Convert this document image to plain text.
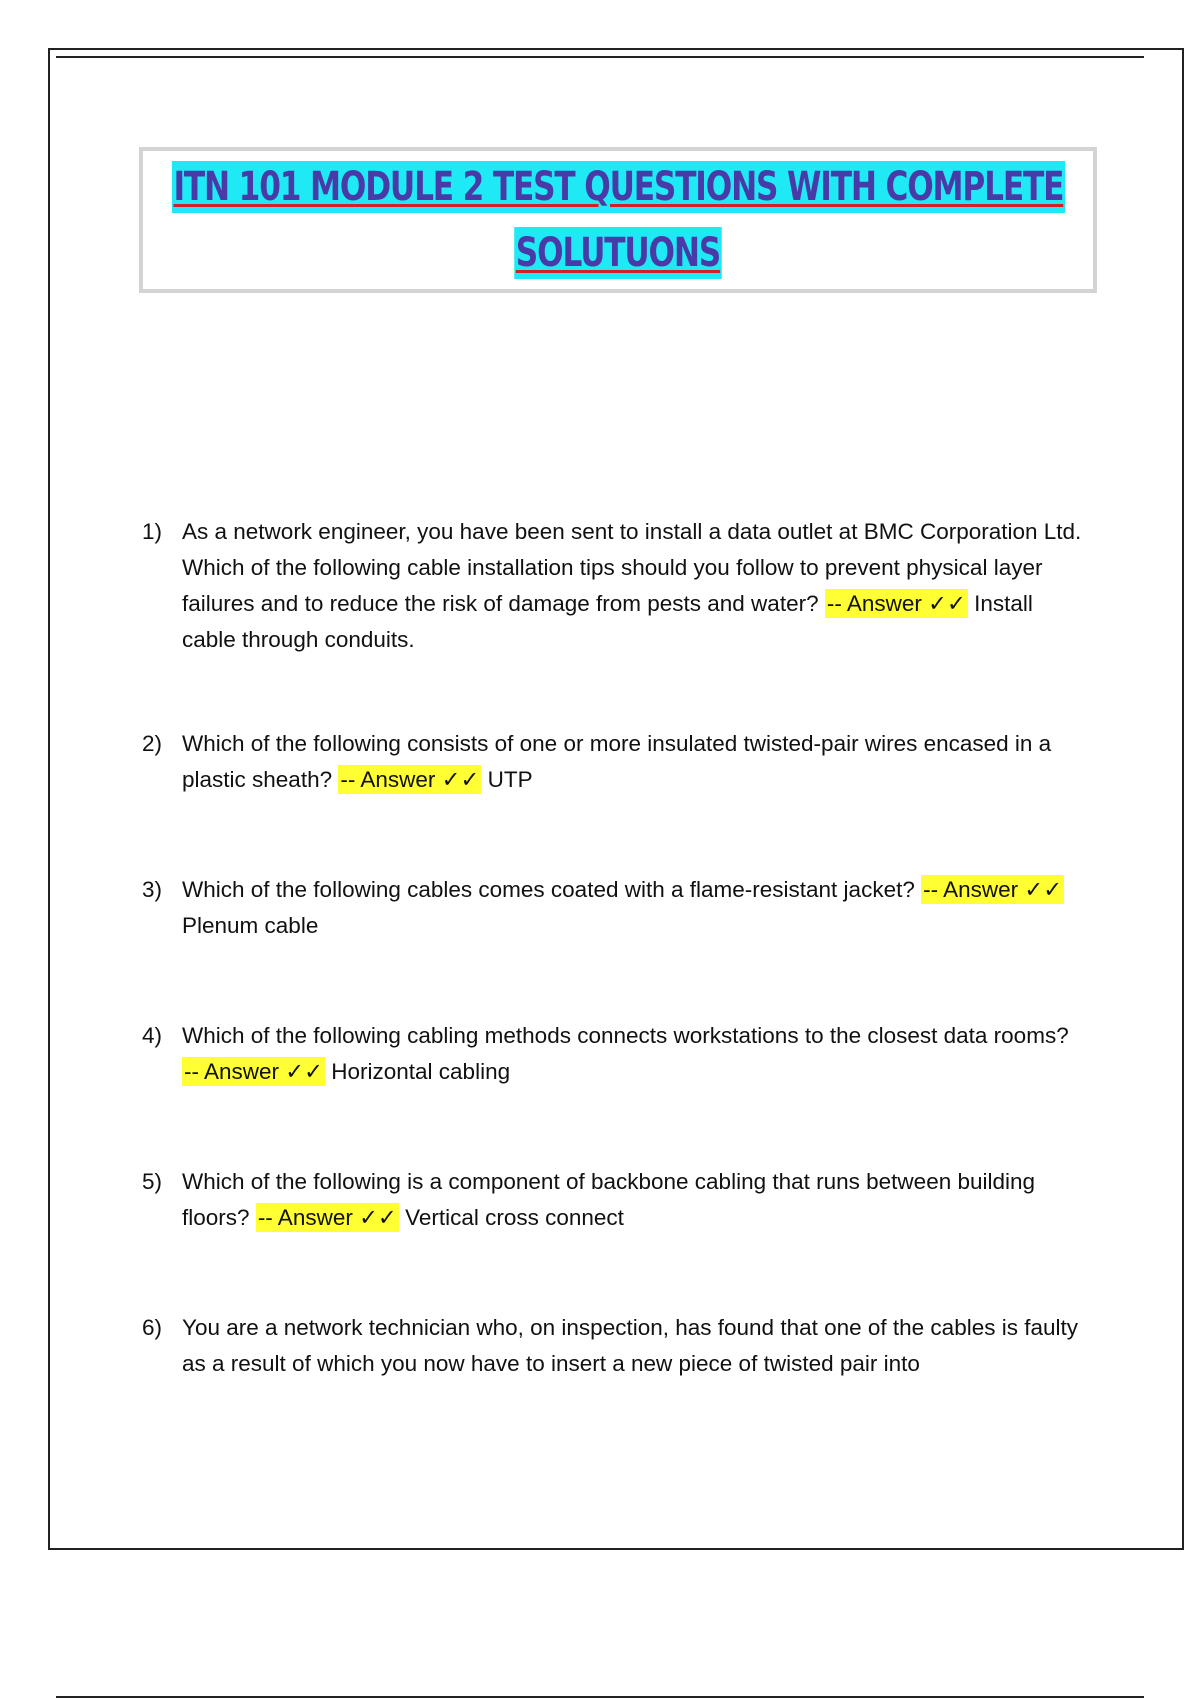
ITN 101 MODULE 2 TEST QUESTIONS WITH COMPLETE
SOLUTUONS
1) As a network engineer, you have been sent to install a data outlet at BMC Corporation Ltd. Which of the following cable installation tips should you follow to prevent physical layer failures and to reduce the risk of damage from pests and water? -- Answer ✓✓ Install cable through conduits.
2) Which of the following consists of one or more insulated twisted-pair wires encased in a plastic sheath? -- Answer ✓✓ UTP
3) Which of the following cables comes coated with a flame-resistant jacket? -- Answer ✓✓ Plenum cable
4) Which of the following cabling methods connects workstations to the closest data rooms? -- Answer ✓✓ Horizontal cabling
5) Which of the following is a component of backbone cabling that runs between building floors? -- Answer ✓✓ Vertical cross connect
6) You are a network technician who, on inspection, has found that one of the cables is faulty as a result of which you now have to insert a new piece of twisted pair into
